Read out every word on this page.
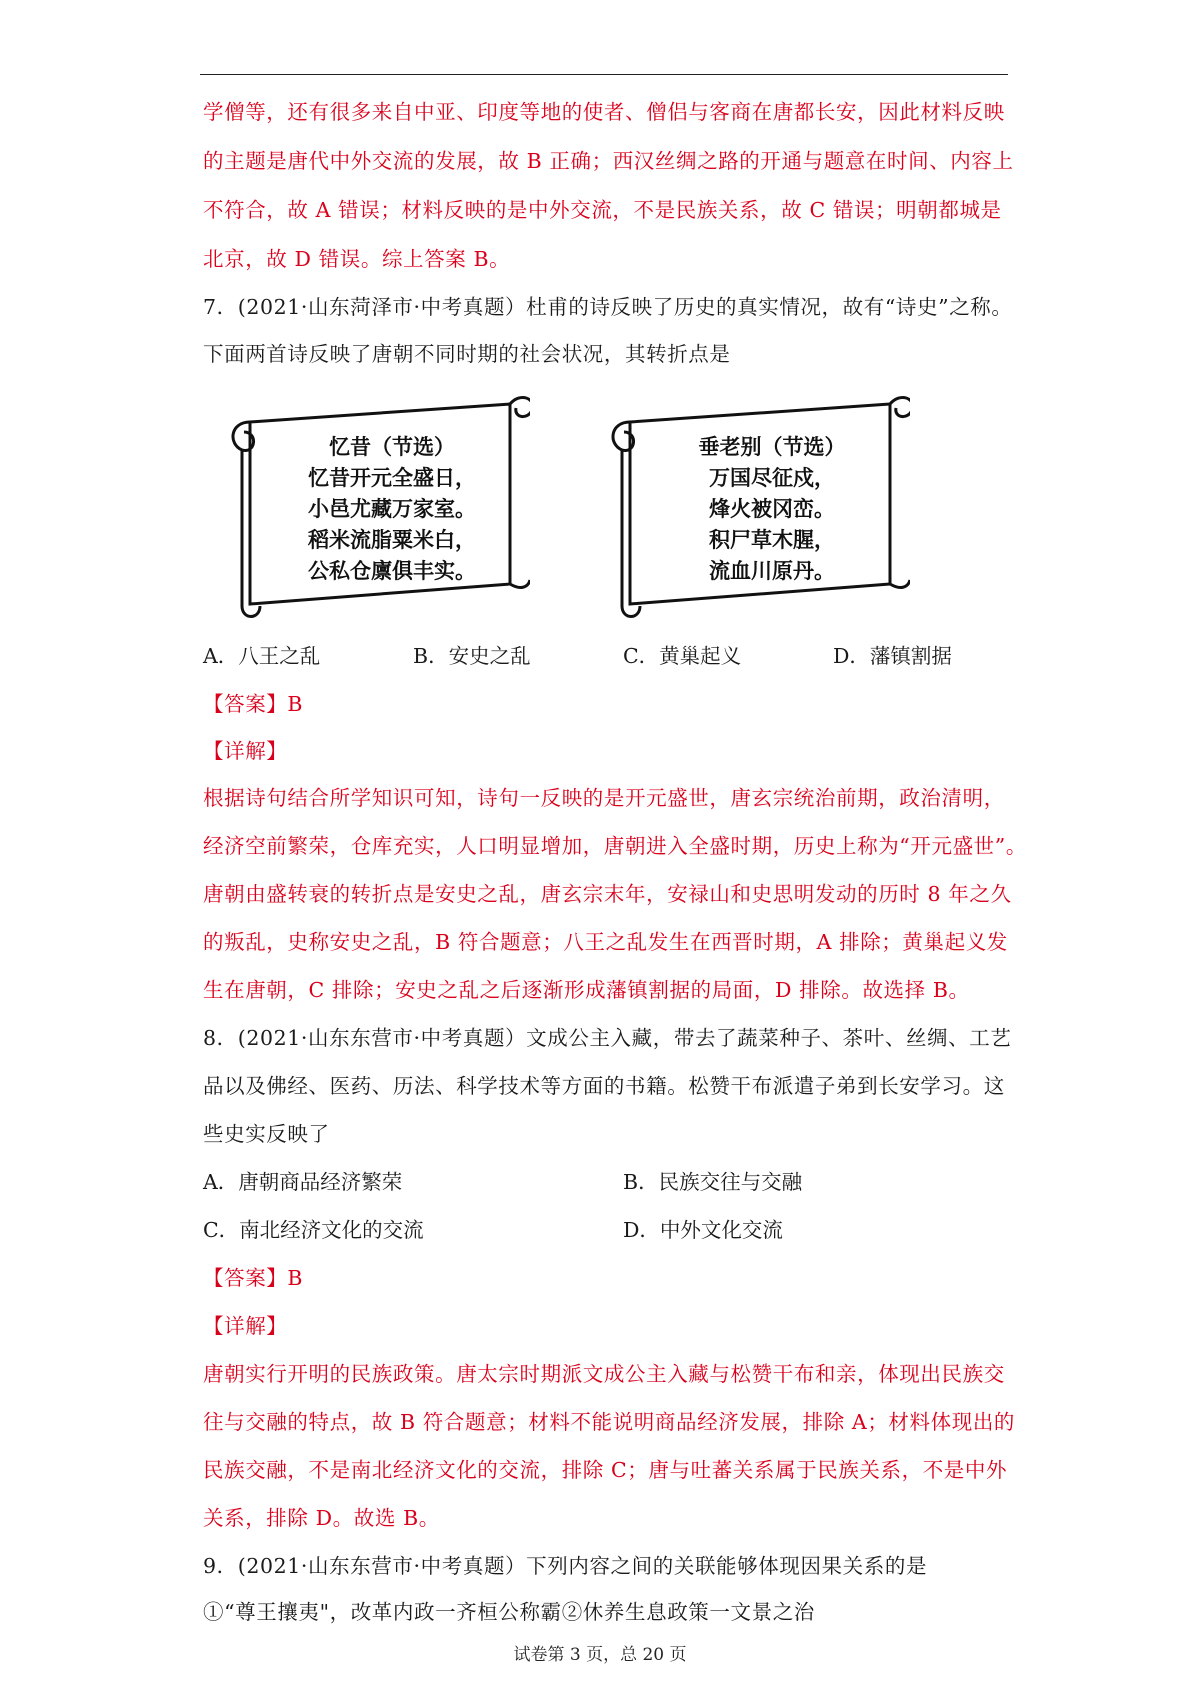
学僧等，还有很多来自中亚、印度等地的使者、僧侣与客商在唐都长安，因此材料反映
的主题是唐代中外交流的发展，故 B 正确；西汉丝绸之路的开通与题意在时间、内容上
不符合，故 A 错误；材料反映的是中外交流，不是民族关系，故 C 错误；明朝都城是
北京，故 D 错误。综上答案 B。
7．(2021·山东菏泽市·中考真题）杜甫的诗反映了历史的真实情况，故有“诗史”之称。
下面两首诗反映了唐朝不同时期的社会状况，其转折点是
忆昔（节选）
忆昔开元全盛日，
小邑尤藏万家室。
稻米流脂粟米白，
公私仓廪俱丰实。
垂老别（节选）
万国尽征戍，
烽火被冈峦。
积尸草木腥，
流血川原丹。
A．八王之乱	B．安史之乱	C．黄巢起义	D．藩镇割据
【答案】B
【详解】
根据诗句结合所学知识可知，诗句一反映的是开元盛世，唐玄宗统治前期，政治清明，
经济空前繁荣，仓库充实，人口明显增加，唐朝进入全盛时期，历史上称为“开元盛世”。
唐朝由盛转衰的转折点是安史之乱，唐玄宗末年，安禄山和史思明发动的历时 8 年之久
的叛乱，史称安史之乱，B 符合题意；八王之乱发生在西晋时期，A 排除；黄巢起义发
生在唐朝，C 排除；安史之乱之后逐渐形成藩镇割据的局面，D 排除。故选择 B。
8．(2021·山东东营市·中考真题）文成公主入藏，带去了蔬菜种子、茶叶、丝绸、工艺
品以及佛经、医药、历法、科学技术等方面的书籍。松赞干布派遣子弟到长安学习。这
些史实反映了
A．唐朝商品经济繁荣	B．民族交往与交融
C．南北经济文化的交流	D．中外文化交流
【答案】B
【详解】
唐朝实行开明的民族政策。唐太宗时期派文成公主入藏与松赞干布和亲，体现出民族交
往与交融的特点，故 B 符合题意；材料不能说明商品经济发展，排除 A；材料体现出的
民族交融，不是南北经济文化的交流，排除 C；唐与吐蕃关系属于民族关系，不是中外
关系，排除 D。故选 B。
9．(2021·山东东营市·中考真题）下列内容之间的关联能够体现因果关系的是
①“尊王攘夷"，改革内政一齐桓公称霸②休养生息政策一文景之治
试卷第 3 页，总 20 页
